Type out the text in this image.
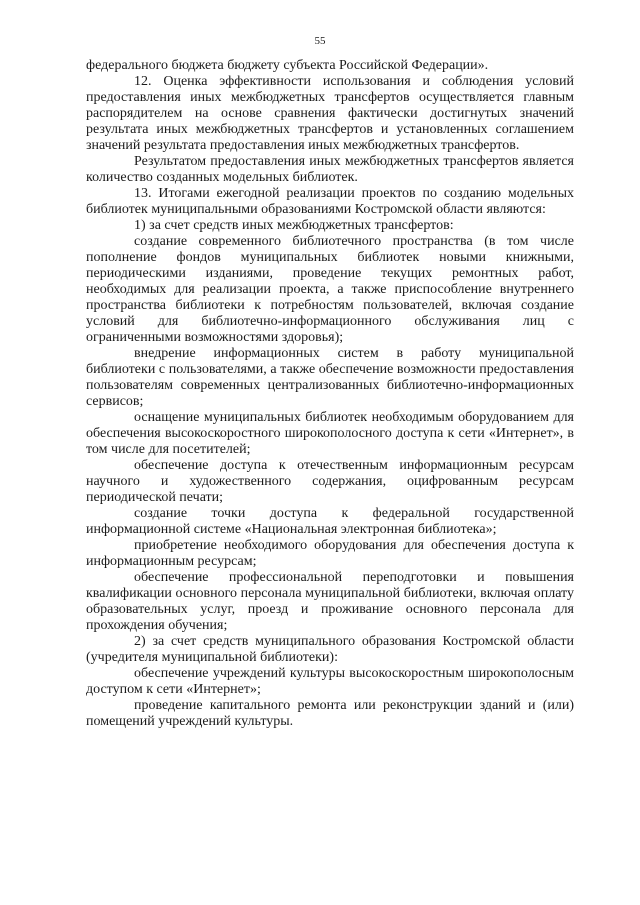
55

федерального бюджета бюджету субъекта Российской Федерации».

12. Оценка эффективности использования и соблюдения условий предоставления иных межбюджетных трансфертов осуществляется главным распорядителем на основе сравнения фактически достигнутых значений результата иных межбюджетных трансфертов и установленных соглашением значений результата предоставления иных межбюджетных трансфертов.

Результатом предоставления иных межбюджетных трансфертов является количество созданных модельных библиотек.

13. Итогами ежегодной реализации проектов по созданию модельных библиотек муниципальными образованиями Костромской области являются:

1) за счет средств иных межбюджетных трансфертов:

создание современного библиотечного пространства (в том числе пополнение фондов муниципальных библиотек новыми книжными, периодическими изданиями, проведение текущих ремонтных работ, необходимых для реализации проекта, а также приспособление внутреннего пространства библиотеки к потребностям пользователей, включая создание условий для библиотечно-информационного обслуживания лиц с ограниченными возможностями здоровья);

внедрение информационных систем в работу муниципальной библиотеки с пользователями, а также обеспечение возможности предоставления пользователям современных централизованных библиотечно-информационных сервисов;

оснащение муниципальных библиотек необходимым оборудованием для обеспечения высокоскоростного широкополосного доступа к сети «Интернет», в том числе для посетителей;

обеспечение доступа к отечественным информационным ресурсам научного и художественного содержания, оцифрованным ресурсам периодической печати;

создание точки доступа к федеральной государственной информационной системе «Национальная электронная библиотека»;

приобретение необходимого оборудования для обеспечения доступа к информационным ресурсам;

обеспечение профессиональной переподготовки и повышения квалификации основного персонала муниципальной библиотеки, включая оплату образовательных услуг, проезд и проживание основного персонала для прохождения обучения;

2) за счет средств муниципального образования Костромской области (учредителя муниципальной библиотеки):

обеспечение учреждений культуры высокоскоростным широкополосным доступом к сети «Интернет»;

проведение капитального ремонта или реконструкции зданий и (или) помещений учреждений культуры.
